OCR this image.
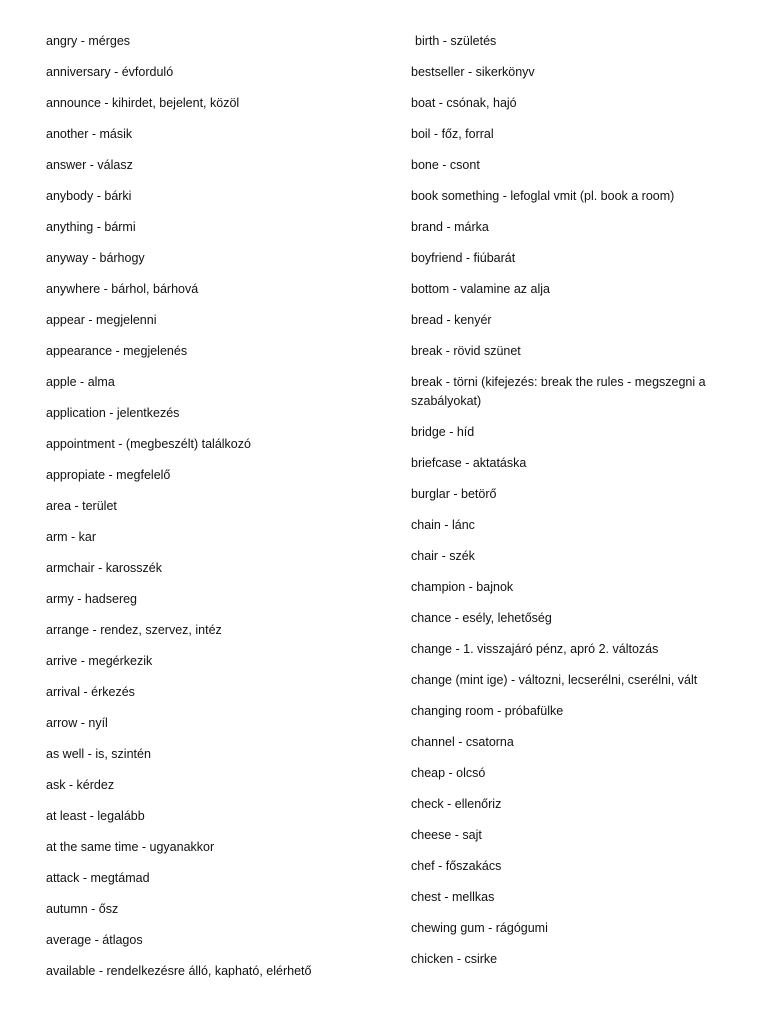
angry - mérges
anniversary - évforduló
announce - kihirdet, bejelent, közöl
another - másik
answer - válasz
anybody - bárki
anything - bármi
anyway - bárhogy
anywhere - bárhol, bárhová
appear - megjelenni
appearance - megjelenés
apple - alma
application - jelentkezés
appointment - (megbeszélt) találkozó
appropiate - megfelelő
area - terület
arm - kar
armchair - karosszék
army - hadsereg
arrange - rendez, szervez, intéz
arrive - megérkezik
arrival - érkezés
arrow - nyíl
as well - is, szintén
ask - kérdez
at least - legalább
at the same time - ugyanakkor
attack - megtámad
autumn - ősz
average - átlagos
available - rendelkezésre álló, kapható, elérhető
birth - születés
bestseller - sikerkönyv
boat - csónak, hajó
boil - főz, forral
bone - csont
book something - lefoglal vmit (pl. book a room)
brand - márka
boyfriend - fiúbarát
bottom - valamine az alja
bread - kenyér
break - rövid szünet
break - törni (kifejezés: break the rules - megszegni a szabályokat)
bridge - híd
briefcase - aktatáska
burglar - betörő
chain - lánc
chair - szék
champion - bajnok
chance - esély, lehetőség
change - 1. visszajáró pénz, apró 2. változás
change (mint ige) - változni, lecserélni, cserélni, vált
changing room - próbafülke
channel - csatorna
cheap - olcsó
check - ellenőriz
cheese - sajt
chef - főszakács
chest - mellkas
chewing gum - rágógumi
chicken - csirke
